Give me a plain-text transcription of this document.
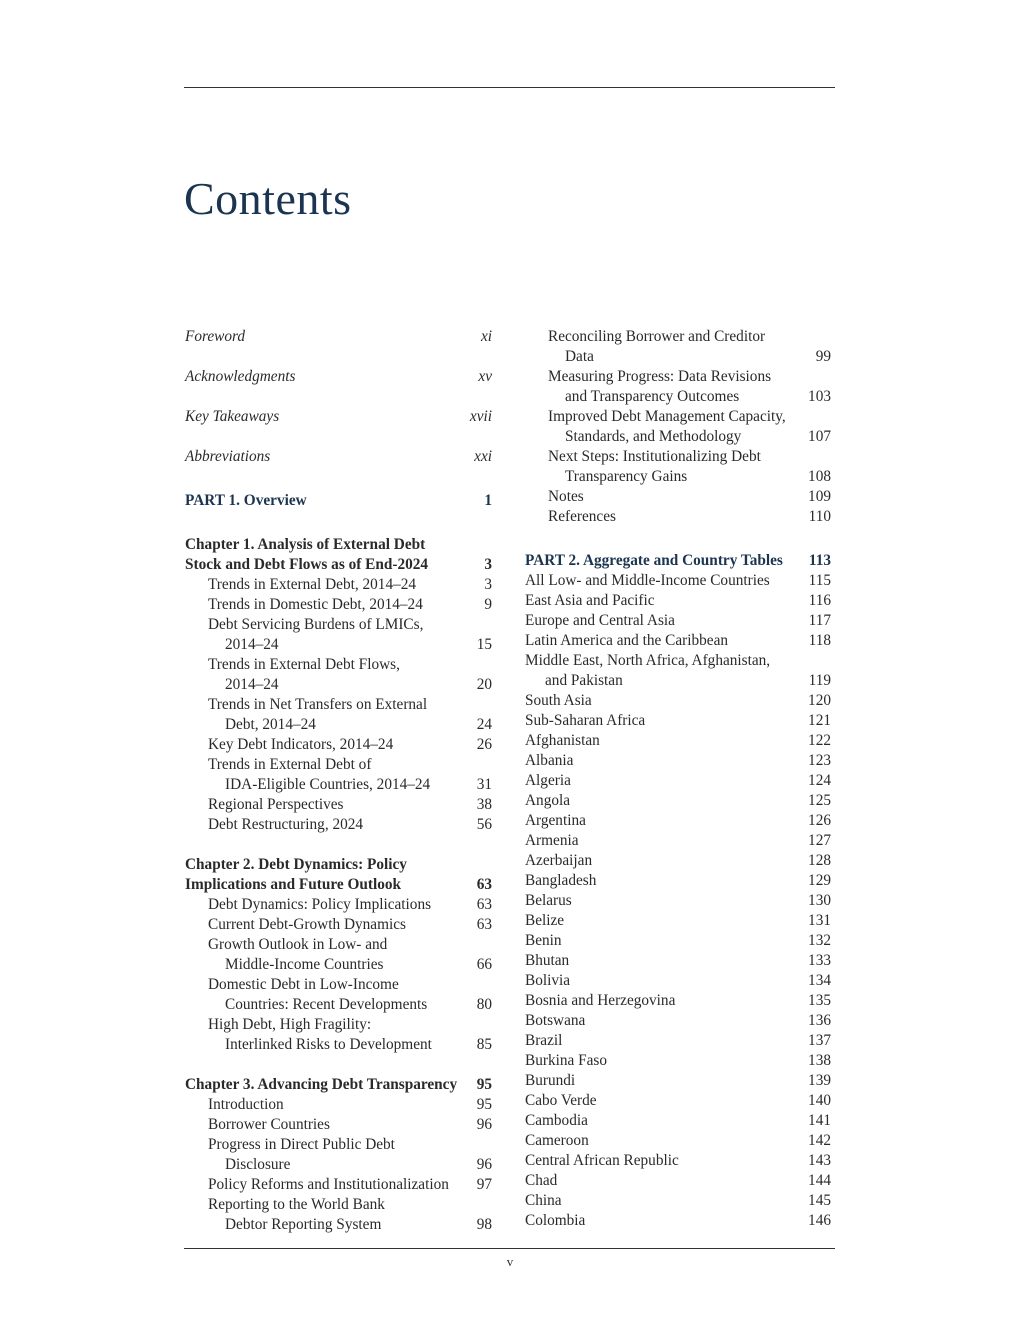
Contents
Foreword	xi
Acknowledgments	xv
Key Takeaways	xvii
Abbreviations	xxi
PART 1. Overview	1
Chapter 1. Analysis of External Debt
Stock and Debt Flows as of End-2024	3
Trends in External Debt, 2014–24	3
Trends in Domestic Debt, 2014–24	9
Debt Servicing Burdens of LMICs,
2014–24	15
Trends in External Debt Flows,
2014–24	20
Trends in Net Transfers on External
Debt, 2014–24	24
Key Debt Indicators, 2014–24	26
Trends in External Debt of
IDA-Eligible Countries, 2014–24	31
Regional Perspectives	38
Debt Restructuring, 2024	56
Chapter 2. Debt Dynamics: Policy
Implications and Future Outlook	63
Debt Dynamics: Policy Implications	63
Current Debt-Growth Dynamics	63
Growth Outlook in Low- and
Middle-Income Countries	66
Domestic Debt in Low-Income
Countries: Recent Developments	80
High Debt, High Fragility:
Interlinked Risks to Development	85
Chapter 3. Advancing Debt Transparency	95
Introduction	95
Borrower Countries	96
Progress in Direct Public Debt
Disclosure	96
Policy Reforms and Institutionalization	97
Reporting to the World Bank
Debtor Reporting System	98
Reconciling Borrower and Creditor
Data	99
Measuring Progress: Data Revisions
and Transparency Outcomes	103
Improved Debt Management Capacity,
Standards, and Methodology	107
Next Steps: Institutionalizing Debt
Transparency Gains	108
Notes	109
References	110
PART 2. Aggregate and Country Tables	113
All Low- and Middle-Income Countries	115
East Asia and Pacific	116
Europe and Central Asia	117
Latin America and the Caribbean	118
Middle East, North Africa, Afghanistan,
and Pakistan	119
South Asia	120
Sub-Saharan Africa	121
Afghanistan	122
Albania	123
Algeria	124
Angola	125
Argentina	126
Armenia	127
Azerbaijan	128
Bangladesh	129
Belarus	130
Belize	131
Benin	132
Bhutan	133
Bolivia	134
Bosnia and Herzegovina	135
Botswana	136
Brazil	137
Burkina Faso	138
Burundi	139
Cabo Verde	140
Cambodia	141
Cameroon	142
Central African Republic	143
Chad	144
China	145
Colombia	146
v
